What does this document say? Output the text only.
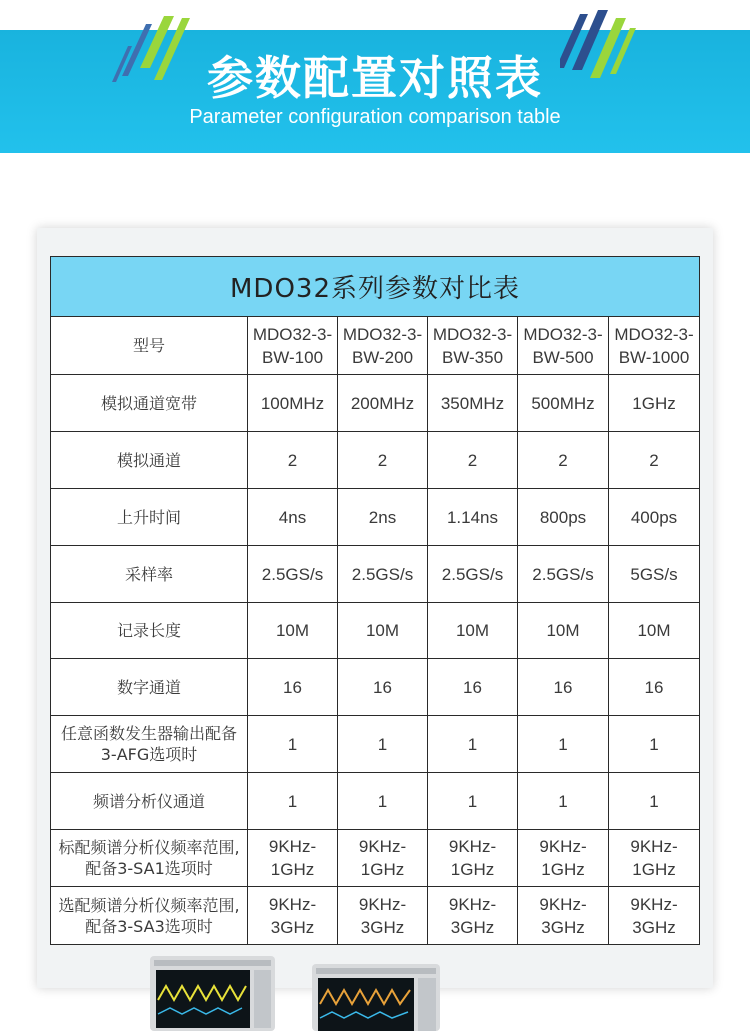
参数配置对照表
Parameter configuration comparison table
MDO32系列参数对比表					
型号	MDO32-3-BW-100	MDO32-3-BW-200	MDO32-3-BW-350	MDO32-3-BW-500	MDO32-3-BW-1000
模拟通道宽带	100MHz	200MHz	350MHz	500MHz	1GHz
模拟通道	2	2	2	2	2
上升时间	4ns	2ns	1.14ns	800ps	400ps
采样率	2.5GS/s	2.5GS/s	2.5GS/s	2.5GS/s	5GS/s
记录长度	10M	10M	10M	10M	10M
数字通道	16	16	16	16	16
任意函数发生器输出配备3-AFG选项时	1	1	1	1	1
频谱分析仪通道	1	1	1	1	1
标配频谱分析仪频率范围,配备3-SA1选项时	9KHz-1GHz	9KHz-1GHz	9KHz-1GHz	9KHz-1GHz	9KHz-1GHz
选配频谱分析仪频率范围,配备3-SA3选项时	9KHz-3GHz	9KHz-3GHz	9KHz-3GHz	9KHz-3GHz	9KHz-3GHz
